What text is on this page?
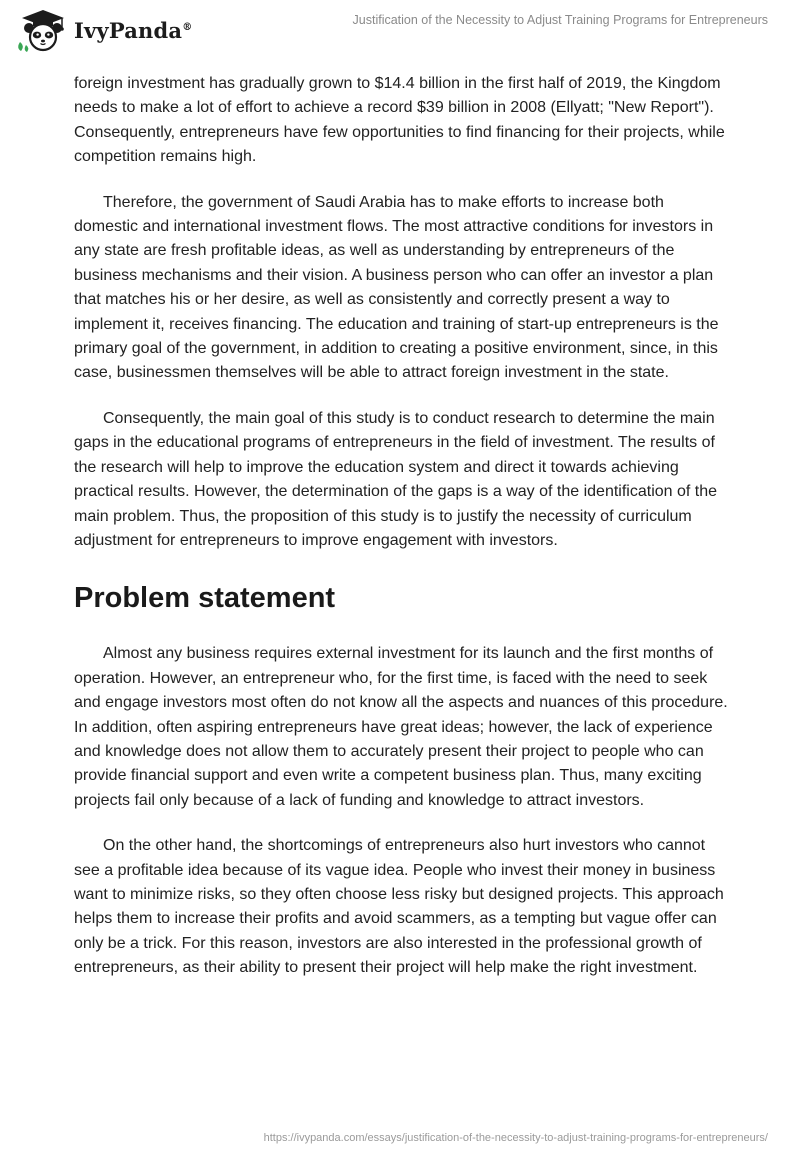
IvyPanda®	Justification of the Necessity to Adjust Training Programs for Entrepreneurs

foreign investment has gradually grown to $14.4 billion in the first half of 2019, the Kingdom needs to make a lot of effort to achieve a record $39 billion in 2008 (Ellyatt; "New Report"). Consequently, entrepreneurs have few opportunities to find financing for their projects, while competition remains high.

Therefore, the government of Saudi Arabia has to make efforts to increase both domestic and international investment flows. The most attractive conditions for investors in any state are fresh profitable ideas, as well as understanding by entrepreneurs of the business mechanisms and their vision. A business person who can offer an investor a plan that matches his or her desire, as well as consistently and correctly present a way to implement it, receives financing. The education and training of start-up entrepreneurs is the primary goal of the government, in addition to creating a positive environment, since, in this case, businessmen themselves will be able to attract foreign investment in the state.

Consequently, the main goal of this study is to conduct research to determine the main gaps in the educational programs of entrepreneurs in the field of investment. The results of the research will help to improve the education system and direct it towards achieving practical results. However, the determination of the gaps is a way of the identification of the main problem. Thus, the proposition of this study is to justify the necessity of curriculum adjustment for entrepreneurs to improve engagement with investors.

Problem statement

Almost any business requires external investment for its launch and the first months of operation. However, an entrepreneur who, for the first time, is faced with the need to seek and engage investors most often do not know all the aspects and nuances of this procedure. In addition, often aspiring entrepreneurs have great ideas; however, the lack of experience and knowledge does not allow them to accurately present their project to people who can provide financial support and even write a competent business plan. Thus, many exciting projects fail only because of a lack of funding and knowledge to attract investors.

On the other hand, the shortcomings of entrepreneurs also hurt investors who cannot see a profitable idea because of its vague idea. People who invest their money in business want to minimize risks, so they often choose less risky but designed projects. This approach helps them to increase their profits and avoid scammers, as a tempting but vague offer can only be a trick. For this reason, investors are also interested in the professional growth of entrepreneurs, as their ability to present their project will help make the right investment.

https://ivypanda.com/essays/justification-of-the-necessity-to-adjust-training-programs-for-entrepreneurs/
